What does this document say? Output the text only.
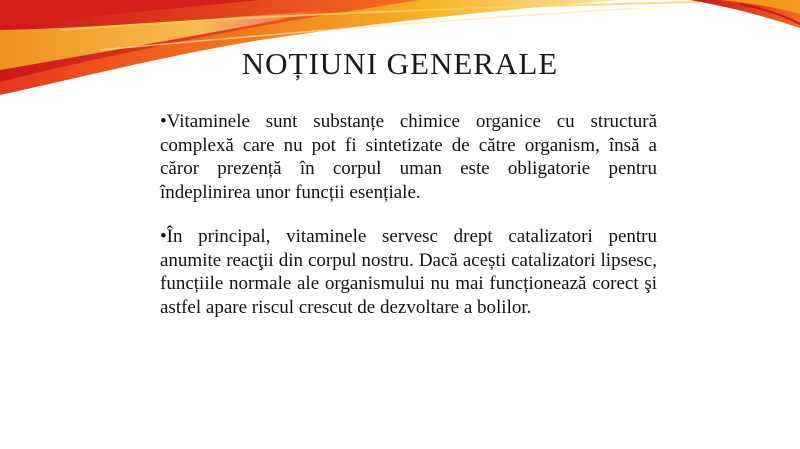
NOȚIUNI GENERALE

•Vitaminele sunt substanțe chimice organice cu structură complexă care nu pot fi sintetizate de către organism, însă a căror prezență în corpul uman este obligatorie pentru îndeplinirea unor funcții esențiale.

•În principal, vitaminele servesc drept catalizatori pentru anumite reacţii din corpul nostru. Dacă acești catalizatori lipsesc, funcțiile normale ale organismului nu mai funcționează corect şi astfel apare riscul crescut de dezvoltare a bolilor.
